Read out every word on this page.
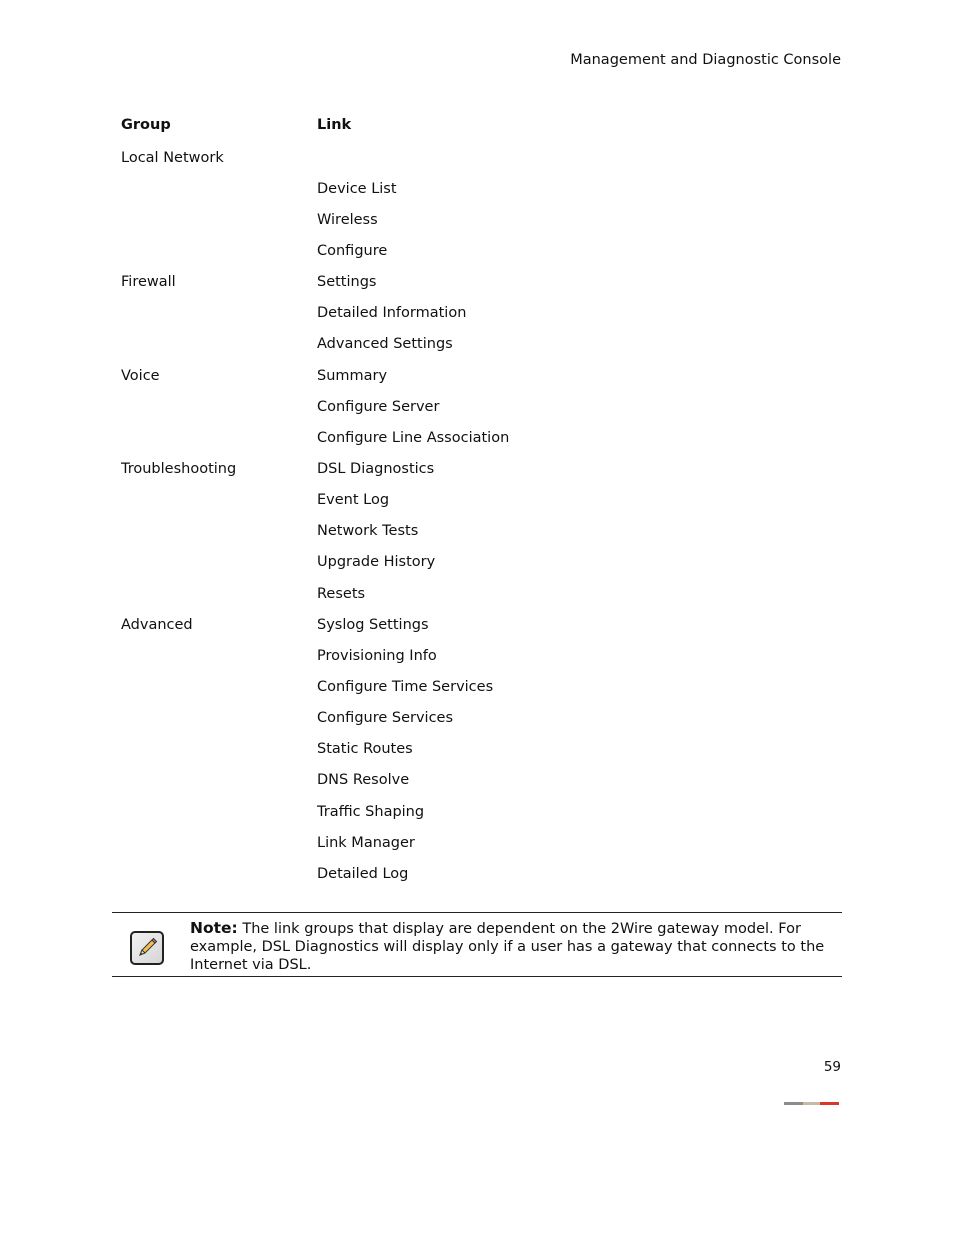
Management and Diagnostic Console
Group	Link
Local Network	
	Device List
	Wireless
	Configure
Firewall	Settings
	Detailed Information
	Advanced Settings
Voice	Summary
	Configure Server
	Configure Line Association
Troubleshooting	DSL Diagnostics
	Event Log
	Network Tests
	Upgrade History
	Resets
Advanced	Syslog Settings
	Provisioning Info
	Configure Time Services
	Configure Services
	Static Routes
	DNS Resolve
	Traffic Shaping
	Link Manager
	Detailed Log
Note: The link groups that display are dependent on the 2Wire gateway model. For example, DSL Diagnostics will display only if a user has a gateway that connects to the Internet via DSL.
59
